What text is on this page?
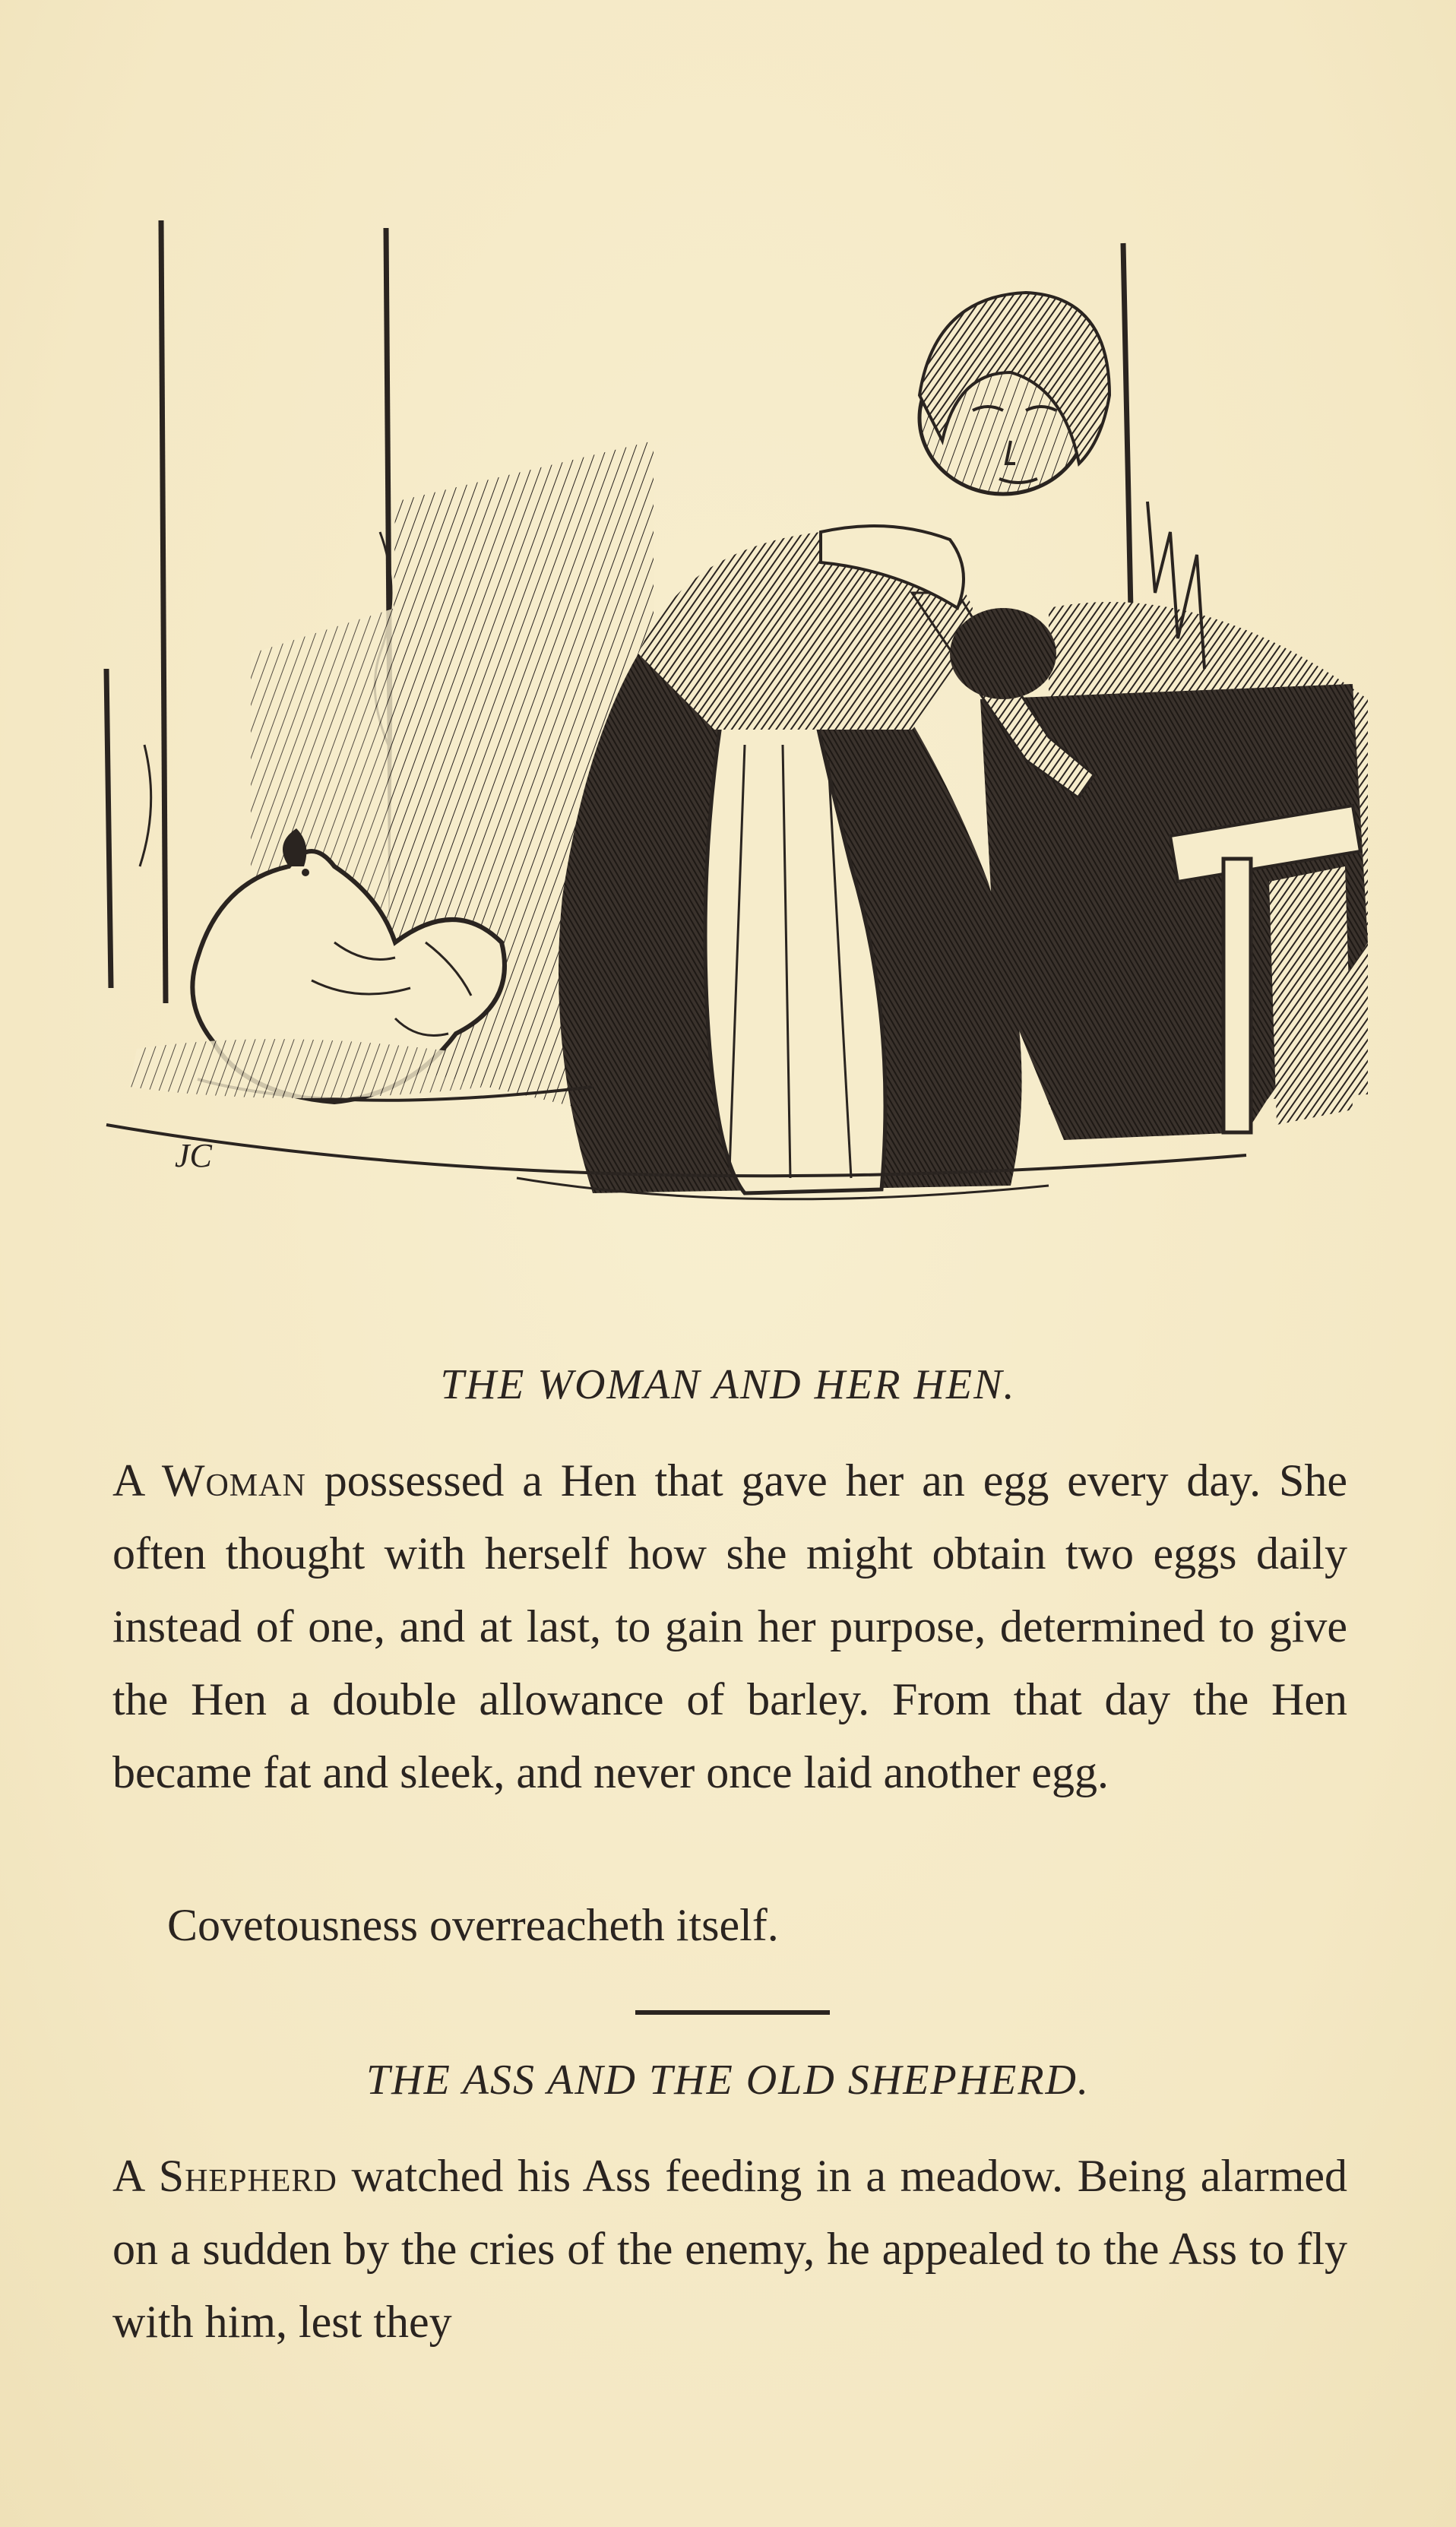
JC
THE WOMAN AND HER HEN.
A Woman possessed a Hen that gave her an egg every day. She often thought with herself how she might obtain two eggs daily instead of one, and at last, to gain her purpose, determined to give the Hen a double allowance of barley. From that day the Hen became fat and sleek, and never once laid another egg.
Covetousness overreacheth itself.
THE ASS AND THE OLD SHEPHERD.
A Shepherd watched his Ass feeding in a meadow. Being alarmed on a sudden by the cries of the enemy, he appealed to the Ass to fly with him, lest they
